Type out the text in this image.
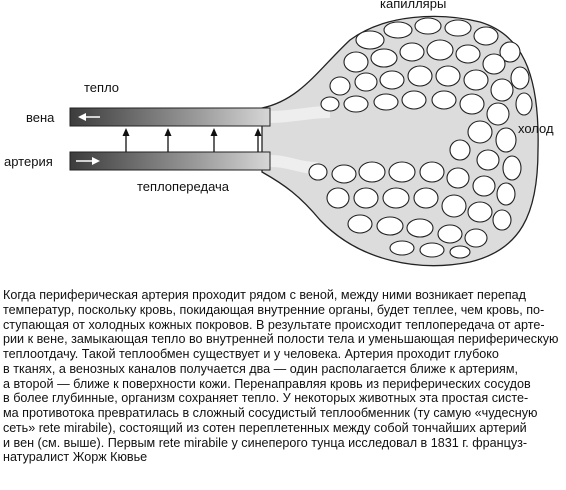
капилляры
тепло
вена
артерия
теплопередача
холод
Когда периферическая артерия проходит рядом с веной, между ними возникает перепад
температур, поскольку кровь, покидающая внутренние органы, будет теплее, чем кровь, по-
ступающая от холодных кожных покровов. В результате происходит теплопередача от арте-
рии к вене, замыкающая тепло во внутренней полости тела и уменьшающая периферическую
теплоотдачу. Такой теплообмен существует и у человека. Артерия проходит глубоко
в тканях, а венозных каналов получается два — один располагается ближе к артериям,
а второй — ближе к поверхности кожи. Перенаправляя кровь из периферических сосудов
в более глубинные, организм сохраняет тепло. У некоторых животных эта простая систе-
ма противотока превратилась в сложный сосудистый теплообменник (ту самую «чудесную
сеть» rete mirabile), состоящий из сотен переплетенных между собой тончайших артерий
и вен (см. выше). Первым rete mirabile у синеперого тунца исследовал в 1831 г. француз-
натуралист Жорж Кювье
